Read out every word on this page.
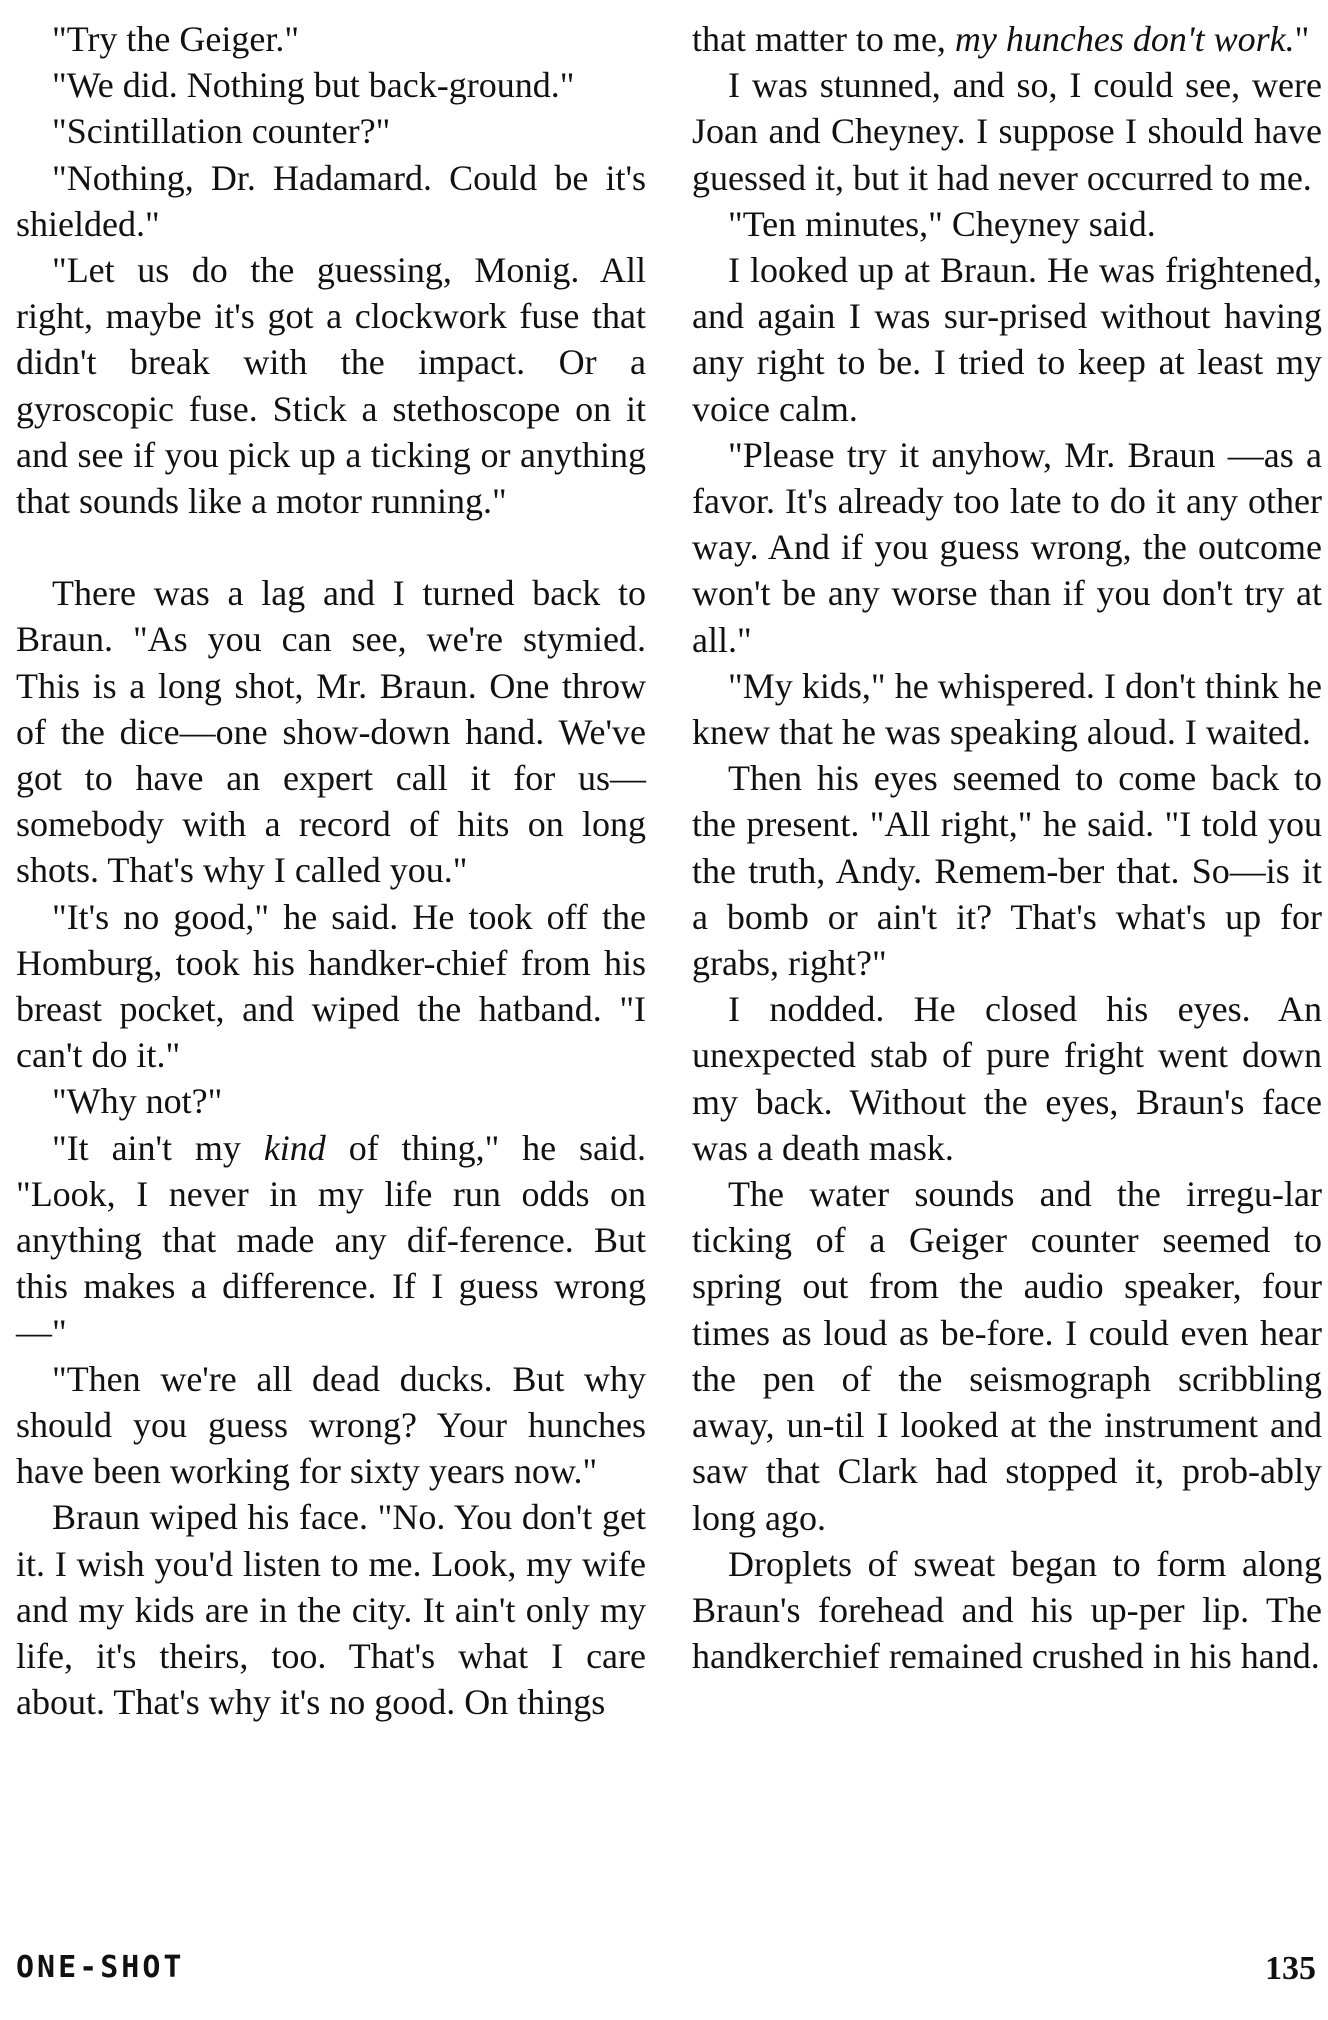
"Try the Geiger."

"We did. Nothing but back-ground."

"Scintillation counter?"

"Nothing, Dr. Hadamard. Could be it's shielded."

"Let us do the guessing, Monig. All right, maybe it's got a clockwork fuse that didn't break with the impact. Or a gyroscopic fuse. Stick a stethoscope on it and see if you pick up a ticking or anything that sounds like a motor running."

There was a lag and I turned back to Braun. "As you can see, we're stymied. This is a long shot, Mr. Braun. One throw of the dice—one show-down hand. We've got to have an expert call it for us—somebody with a record of hits on long shots. That's why I called you."

"It's no good," he said. He took off the Homburg, took his handker-chief from his breast pocket, and wiped the hatband. "I can't do it."

"Why not?"

"It ain't my kind of thing," he said. "Look, I never in my life run odds on anything that made any dif-ference. But this makes a difference. If I guess wrong—"

"Then we're all dead ducks. But why should you guess wrong? Your hunches have been working for sixty years now."

Braun wiped his face. "No. You don't get it. I wish you'd listen to me. Look, my wife and my kids are in the city. It ain't only my life, it's theirs, too. That's what I care about. That's why it's no good. On things

that matter to me, my hunches don't work."

I was stunned, and so, I could see, were Joan and Cheyney. I suppose I should have guessed it, but it had never occurred to me.

"Ten minutes," Cheyney said.

I looked up at Braun. He was frightened, and again I was sur-prised without having any right to be. I tried to keep at least my voice calm.

"Please try it anyhow, Mr. Braun —as a favor. It's already too late to do it any other way. And if you guess wrong, the outcome won't be any worse than if you don't try at all."

"My kids," he whispered. I don't think he knew that he was speaking aloud. I waited.

Then his eyes seemed to come back to the present. "All right," he said. "I told you the truth, Andy. Remem-ber that. So—is it a bomb or ain't it? That's what's up for grabs, right?"

I nodded. He closed his eyes. An unexpected stab of pure fright went down my back. Without the eyes, Braun's face was a death mask.

The water sounds and the irregu-lar ticking of a Geiger counter seemed to spring out from the audio speaker, four times as loud as be-fore. I could even hear the pen of the seismograph scribbling away, un-til I looked at the instrument and saw that Clark had stopped it, prob-ably long ago.

Droplets of sweat began to form along Braun's forehead and his up-per lip. The handkerchief remained crushed in his hand.

ONE-SHOT	135
